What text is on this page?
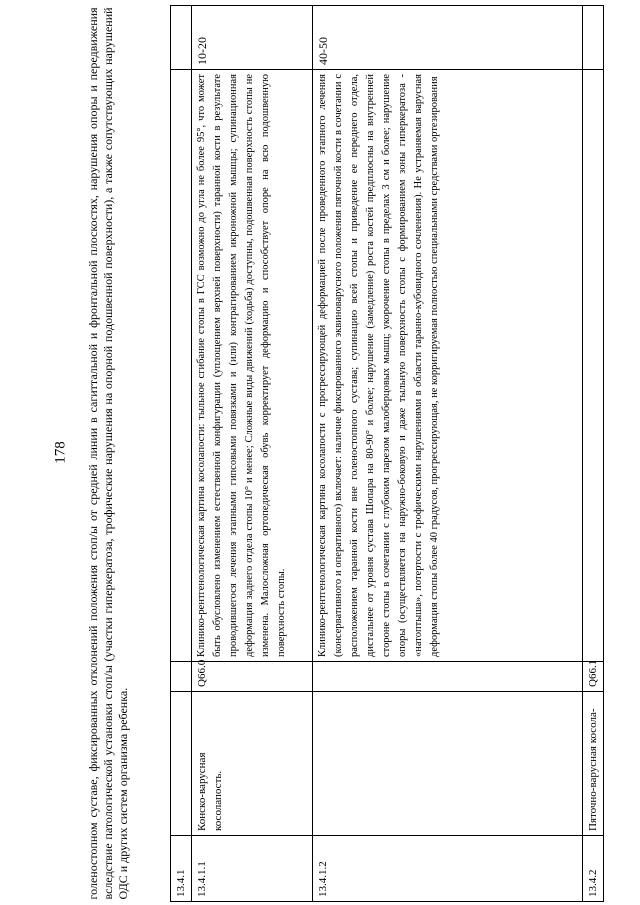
178 голеностопном суставе, фиксированных отклонений положения стоп/ы от средней линии в сагиттальной и фронтальной плоскостях, нарушения опоры и передвижения вследствие патологической установки стоп/ы (участки гиперкератоза, трофические нарушения на опорной подошвенной поверхности), а также сопутствующих нарушений ОДС и других систем организма ребенка.				
13.4.1				
13.4.1.1	Конско-варусная косолапость.	Q66.0	Клинико-рентгенологическая картина косолапости: тыльное сгибание стопы в ГСС возможно до угла не более 95°, что может быть обусловлено изменением естественной конфигурации (уплощением верхней поверхности) таранной кости в результате проводившегося лечения этапными гипсовыми повязками и (или) контрагированием икроножной мышцы; супинационная деформация заднего отдела стопы 10° и менее; Сложные виды движений (ходьба) доступны, подошвенная поверхность стопы не изменена. Малосложная ортопедическая обувь корректирует деформацию и способствует опоре на всю подошвенную поверхность стопы.	10-20
13.4.1.2			Клинико-рентгенологическая картина косолапости с прогрессирующей деформацией после проведенного этапного лечения (консервативного и оперативного) включает: наличие фиксированного эквиноварусного положения пяточной кости в сочетании с расположением таранной кости вне голеностопного сустава; супинацию всей стопы и приведение ее переднего отдела, дистальнее от уровня сустава Шопара на 80-90° и более; нарушение (замедление) роста костей предплюсны на внутренней стороне стопы в сочетании с глубоким парезом малоберцовых мышц; укорочение стопы в пределах 3 см и более; нарушение опоры (осуществляется на наружно-боковую и даже тыльную поверхность стопы с формированием зоны гиперкератоза - «натоптыша», потертости с трофическими нарушениями в области таранно-кубовидного сочленения). Не устраняемая варусная деформация стопы более 40 градусов, прогрессирующая, не корригируемая полностью специальными средствами ортезирования	40-50
13.4.2	Пяточно-варусная косола-	Q66.1		
